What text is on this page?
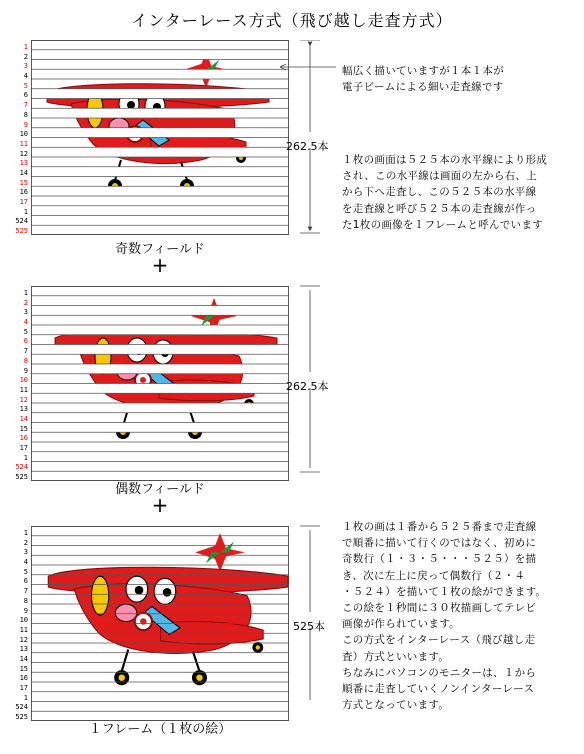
インターレース方式（飛び越し走査方式）
1
2
3
4
5
6
7
8
9
10
11
12
13
14
15
16
17
1
524
525
奇数フィールド
+
1
2
3
4
5
6
7
8
9
10
11
12
13
14
15
16
17
1
524
525
偶数フィールド
+
1
2
3
4
5
6
7
8
9
10
11
12
13
14
15
16
17
1
524
525
１フレーム（１枚の絵）
262.5本
262.5本
525本
幅広く描いていますが１本１本が
電子ビームによる細い走査線です
１枚の画面は５２５本の水平線により形成
され、この水平線は画面の左から右、上
から下へ走査し、この５２５本の水平線
を走査線と呼び５２５本の走査線が作っ
た1枚の画像を１フレームと呼んでいます
１枚の画は１番から５２５番まで走査線
で順番に描いて行くのではなく、初めに
奇数行（１・３・５・・・５２５）を描
き、次に左上に戻って偶数行（２・４
・５２４）を描いて１枚の絵ができます。
この絵を１秒間に３０枚描画してテレビ
画像が作られています。
この方式をインターレース（飛び越し走
査）方式といいます。
ちなみにパソコンのモニターは、１から
順番に走査していくノンインターレース
方式となっています。
